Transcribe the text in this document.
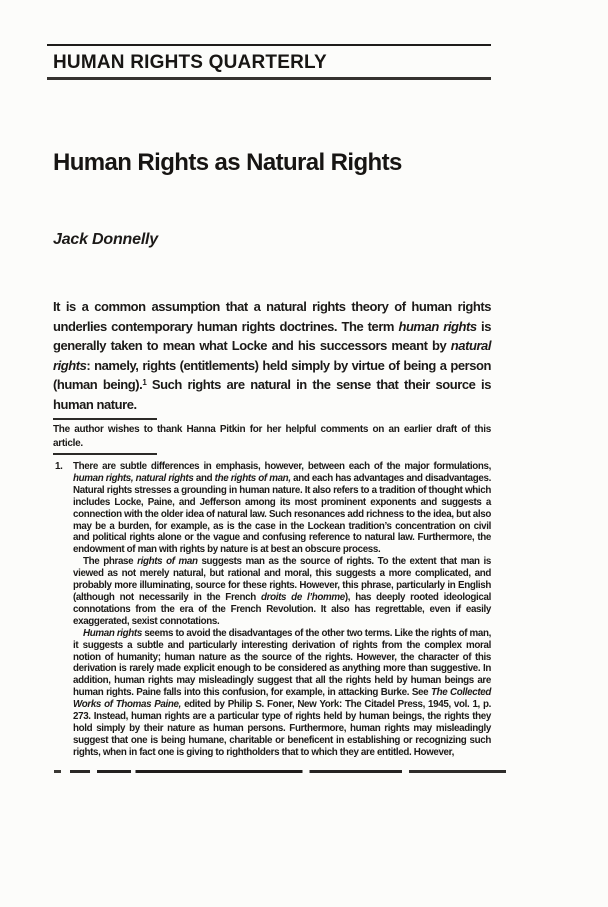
HUMAN RIGHTS QUARTERLY
Human Rights as Natural Rights
Jack Donnelly
It is a common assumption that a natural rights theory of human rights underlies contemporary human rights doctrines. The term human rights is generally taken to mean what Locke and his successors meant by natural rights: namely, rights (entitlements) held simply by virtue of being a person (human being).$^1$ Such rights are natural in the sense that their source is human nature.
The author wishes to thank Hanna Pitkin for her helpful comments on an earlier draft of this article.
1.	There are subtle differences in emphasis, however, between each of the major formulations, human rights, natural rights and the rights of man, and each has advantages and disadvantages. Natural rights stresses a grounding in human nature. It also refers to a tradition of thought which includes Locke, Paine, and Jefferson among its most prominent exponents and suggests a connection with the older idea of natural law. Such resonances add richness to the idea, but also may be a burden, for example, as is the case in the Lockean tradition’s concentration on civil and political rights alone or the vague and confusing reference to natural law. Furthermore, the endowment of man with rights by nature is at best an obscure process.

The phrase rights of man suggests man as the source of rights. To the extent that man is viewed as not merely natural, but rational and moral, this suggests a more complicated, and probably more illuminating, source for these rights. However, this phrase, particularly in English (although not necessarily in the French droits de l’homme), has deeply rooted ideological connotations from the era of the French Revolution. It also has regrettable, even if easily exaggerated, sexist connotations.

Human rights seems to avoid the disadvantages of the other two terms. Like the rights of man, it suggests a subtle and particularly interesting derivation of rights from the complex moral notion of humanity; human nature as the source of the rights. However, the character of this derivation is rarely made explicit enough to be considered as anything more than suggestive. In addition, human rights may misleadingly suggest that all the rights held by human beings are human rights. Paine falls into this confusion, for example, in attacking Burke. See The Collected Works of Thomas Paine, edited by Philip S. Foner, New York: The Citadel Press, 1945, vol. 1, p. 273. Instead, human rights are a particular type of rights held by human beings, the rights they hold simply by their nature as human persons. Furthermore, human rights may misleadingly suggest that one is being humane, charitable or beneficent in establishing or recognizing such rights, when in fact one is giving to rightholders that to which they are entitled. However,
